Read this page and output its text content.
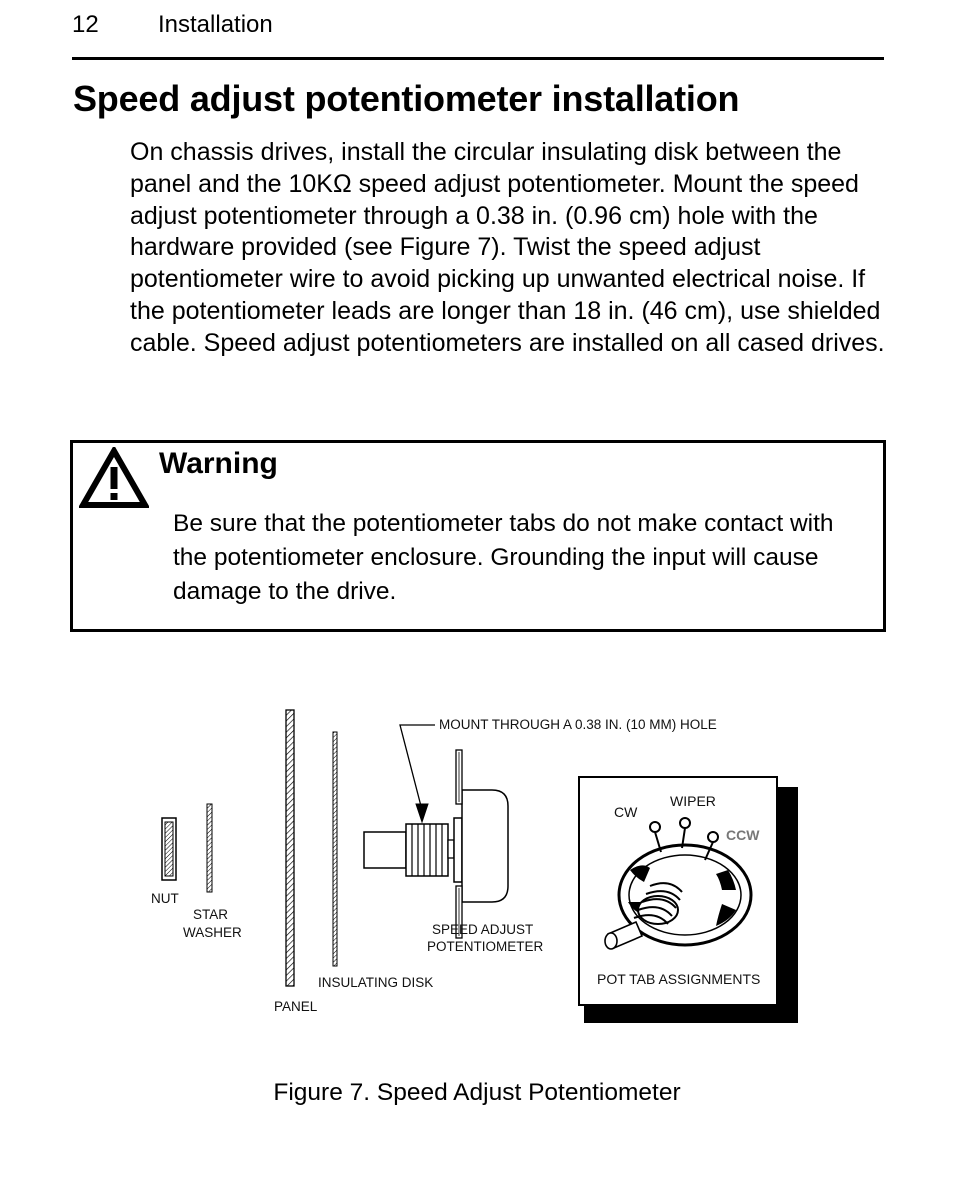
12 Installation
Speed adjust potentiometer installation

On chassis drives, install the circular insulating disk between the panel and the 10KΩ speed adjust potentiometer. Mount the speed adjust potentiometer through a 0.38 in. (0.96 cm) hole with the hardware provided (see Figure 7). Twist the speed adjust potentiometer wire to avoid picking up unwanted electrical noise. If the potentiometer leads are longer than 18 in. (46 cm), use shielded cable. Speed adjust potentiometers are installed on all cased drives.

Warning

Be sure that the potentiometer tabs do not make contact with the potentiometer enclosure. Grounding the input will cause damage to the drive.

CW
WIPER
CCW
POT TAB ASSIGNMENTS
MOUNT THROUGH A 0.38 IN. (10 MM) HOLE
NUT
STAR
WASHER
PANEL
INSULATING DISK
SPEED ADJUST
POTENTIOMETER
Figure 7. Speed Adjust Potentiometer
